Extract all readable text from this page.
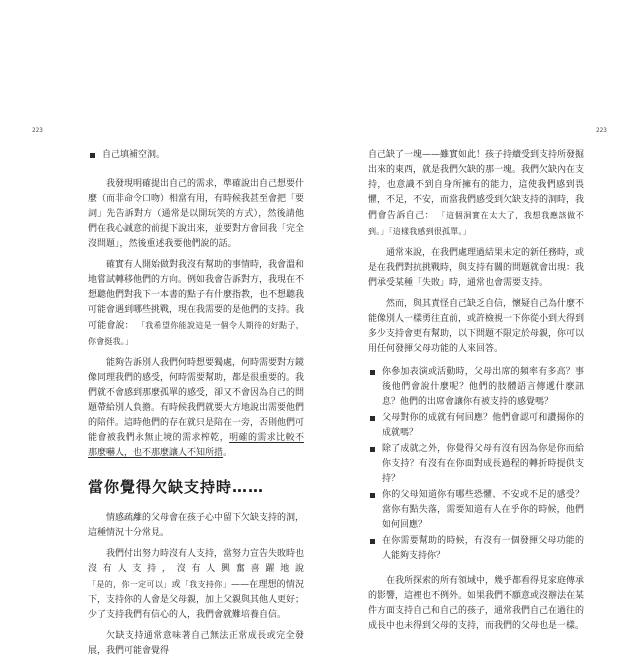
223	223
自己填補空洞。

我發現明確提出自己的需求，準確說出自己想要什麼（而非命令口吻）相當有用，有時候我甚至會把「要詞」先告訴對方（通常是以開玩笑的方式），然後請他們在我心誠意的前提下說出來，並要對方會回我「完全沒問題」，然後重述我要他們說的話。

確實有人開始做對我沒有幫助的事情時，我會溫和地嘗試轉移他們的方向。例如我會告訴對方，我現在不想聽他們對我下一本書的點子有什麼指教，也不想聽我可能會遇到哪些挑戰，現在我需要的是他們的支持。我可能會說： 「我希望你能說這是一個令人期待的好點子，你會挺我。」

能夠告訴別人我們何時想要獨處，何時需要對方鏡像同理我們的感受，何時需要幫助，都是很重要的。我們就不會感到那麼孤單的感受，卻又不會因為自己的問題帶給別人負擔。有時候我們就要大方地說出需要他們的陪伴。這時他們的存在就只是陪在一旁，否則他們可能會被我們永無止境的需求榨乾，明確的需求比較不那麼嚇人，也不那麼讓人不知所措。

當你覺得欠缺支持時……

情感疏離的父母會在孩子心中留下欠缺支持的洞，這種情況十分常見。

我們付出努力時沒有人支持，當努力宣告失敗時也沒有人支持，沒有人興奮喜躍地說「是的，你一定可以」或「我支持你」——在理想的情況下，支持你的人會是父母親，加上父親與其他人更好；少了支持我們有信心的人，我們會就難培養自信。

欠缺支持通常意味著自己無法正常成長或完全發展，我們可能會覺得

自己缺了一塊——雖實如此！孩子持續受到支持所發掘出來的東西，就是我們欠缺的那一塊。我們欠缺內在支持，也意識不到自身所擁有的能力，這使我們感到畏懼，不足，不安，而當我們感受到欠缺支持的洞時，我們會告訴自己： 「這個洞實在太大了，我想我應該做不到。」「這樣我感到很孤單。」

通常來說，在我們處理過結果未定的新任務時，或是在我們對抗挑戰時，與支持有關的問題就會出現：我們承受某種「失敗」時，通常也會需要支持。

然而，與其責怪自己缺乏自信，懷疑自己為什麼不能像別人一樣勇往直前，或許檢視一下你從小到大得到多少支持會更有幫助，以下問題不限定於母親，你可以用任何發揮父母功能的人來回答。

你參加表演或活動時，父母出席的頻率有多高？事後他們會說什麼呢？他們的肢體語言傳遞什麼訊息？他們的出席會讓你有被支持的感覺嗎？
父母對你的成就有何回應？他們會認可和讚揚你的成就嗎？
除了成就之外，你覺得父母有沒有因為你是你而給你支持？有沒有在你面對成長過程的轉折時提供支持？
你的父母知道你有哪些恐懼、不安或不足的感受？當你有點失落，需要知道有人在乎你的時候，他們如何回應？
在你需要幫助的時候，有沒有一個發揮父母功能的人能夠支持你？

在我所探索的所有領域中，幾乎都看得見家庭傳承的影響，這裡也不例外。如果我們不願意或沒辦法在某件方面支持自己和自己的孩子，通常我們自己在過往的成長中也未得到父母的支持，而我們的父母也是一樣。
